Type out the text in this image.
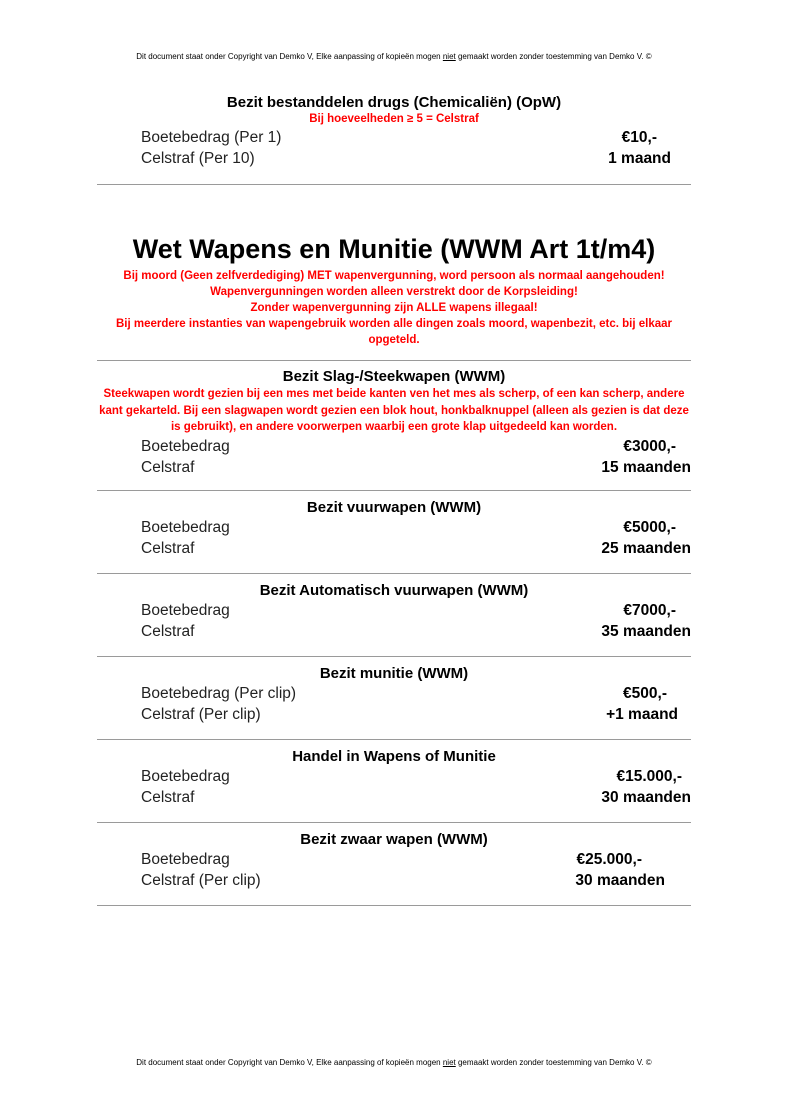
Dit document staat onder Copyright van Demko V, Elke aanpassing of kopieën mogen niet gemaakt worden zonder toestemming van Demko V. ©
Bezit bestanddelen drugs (Chemicaliën) (OpW)
Bij hoeveelheden ≥ 5 = Celstraf
Boetebedrag (Per 1)	€10,-
Celstraf (Per 10)	1 maand
Wet Wapens en Munitie (WWM Art 1t/m4)
Bij moord (Geen zelfverdediging) MET wapenvergunning, word persoon als normaal aangehouden!
Wapenvergunningen worden alleen verstrekt door de Korpsleiding!
Zonder wapenvergunning zijn ALLE wapens illegaal!
Bij meerdere instanties van wapengebruik worden alle dingen zoals moord, wapenbezit, etc. bij elkaar opgeteld.
Bezit Slag-/Steekwapen (WWM)
Steekwapen wordt gezien bij een mes met beide kanten ven het mes als scherp, of een kan scherp, andere kant gekarteld. Bij een slagwapen wordt gezien een blok hout, honkbalknuppel (alleen als gezien is dat deze is gebruikt), en andere voorwerpen waarbij een grote klap uitgedeeld kan worden.
Boetebedrag	€3000,-
Celstraf	15 maanden
Bezit vuurwapen (WWM)
Boetebedrag	€5000,-
Celstraf	25 maanden
Bezit Automatisch vuurwapen (WWM)
Boetebedrag	€7000,-
Celstraf	35 maanden
Bezit munitie (WWM)
Boetebedrag (Per clip)	€500,-
Celstraf (Per clip)	+1 maand
Handel in Wapens of Munitie
Boetebedrag	€15.000,-
Celstraf	30 maanden
Bezit zwaar wapen (WWM)
Boetebedrag	€25.000,-
Celstraf (Per clip)	30 maanden
Dit document staat onder Copyright van Demko V, Elke aanpassing of kopieën mogen niet gemaakt worden zonder toestemming van Demko V. ©
